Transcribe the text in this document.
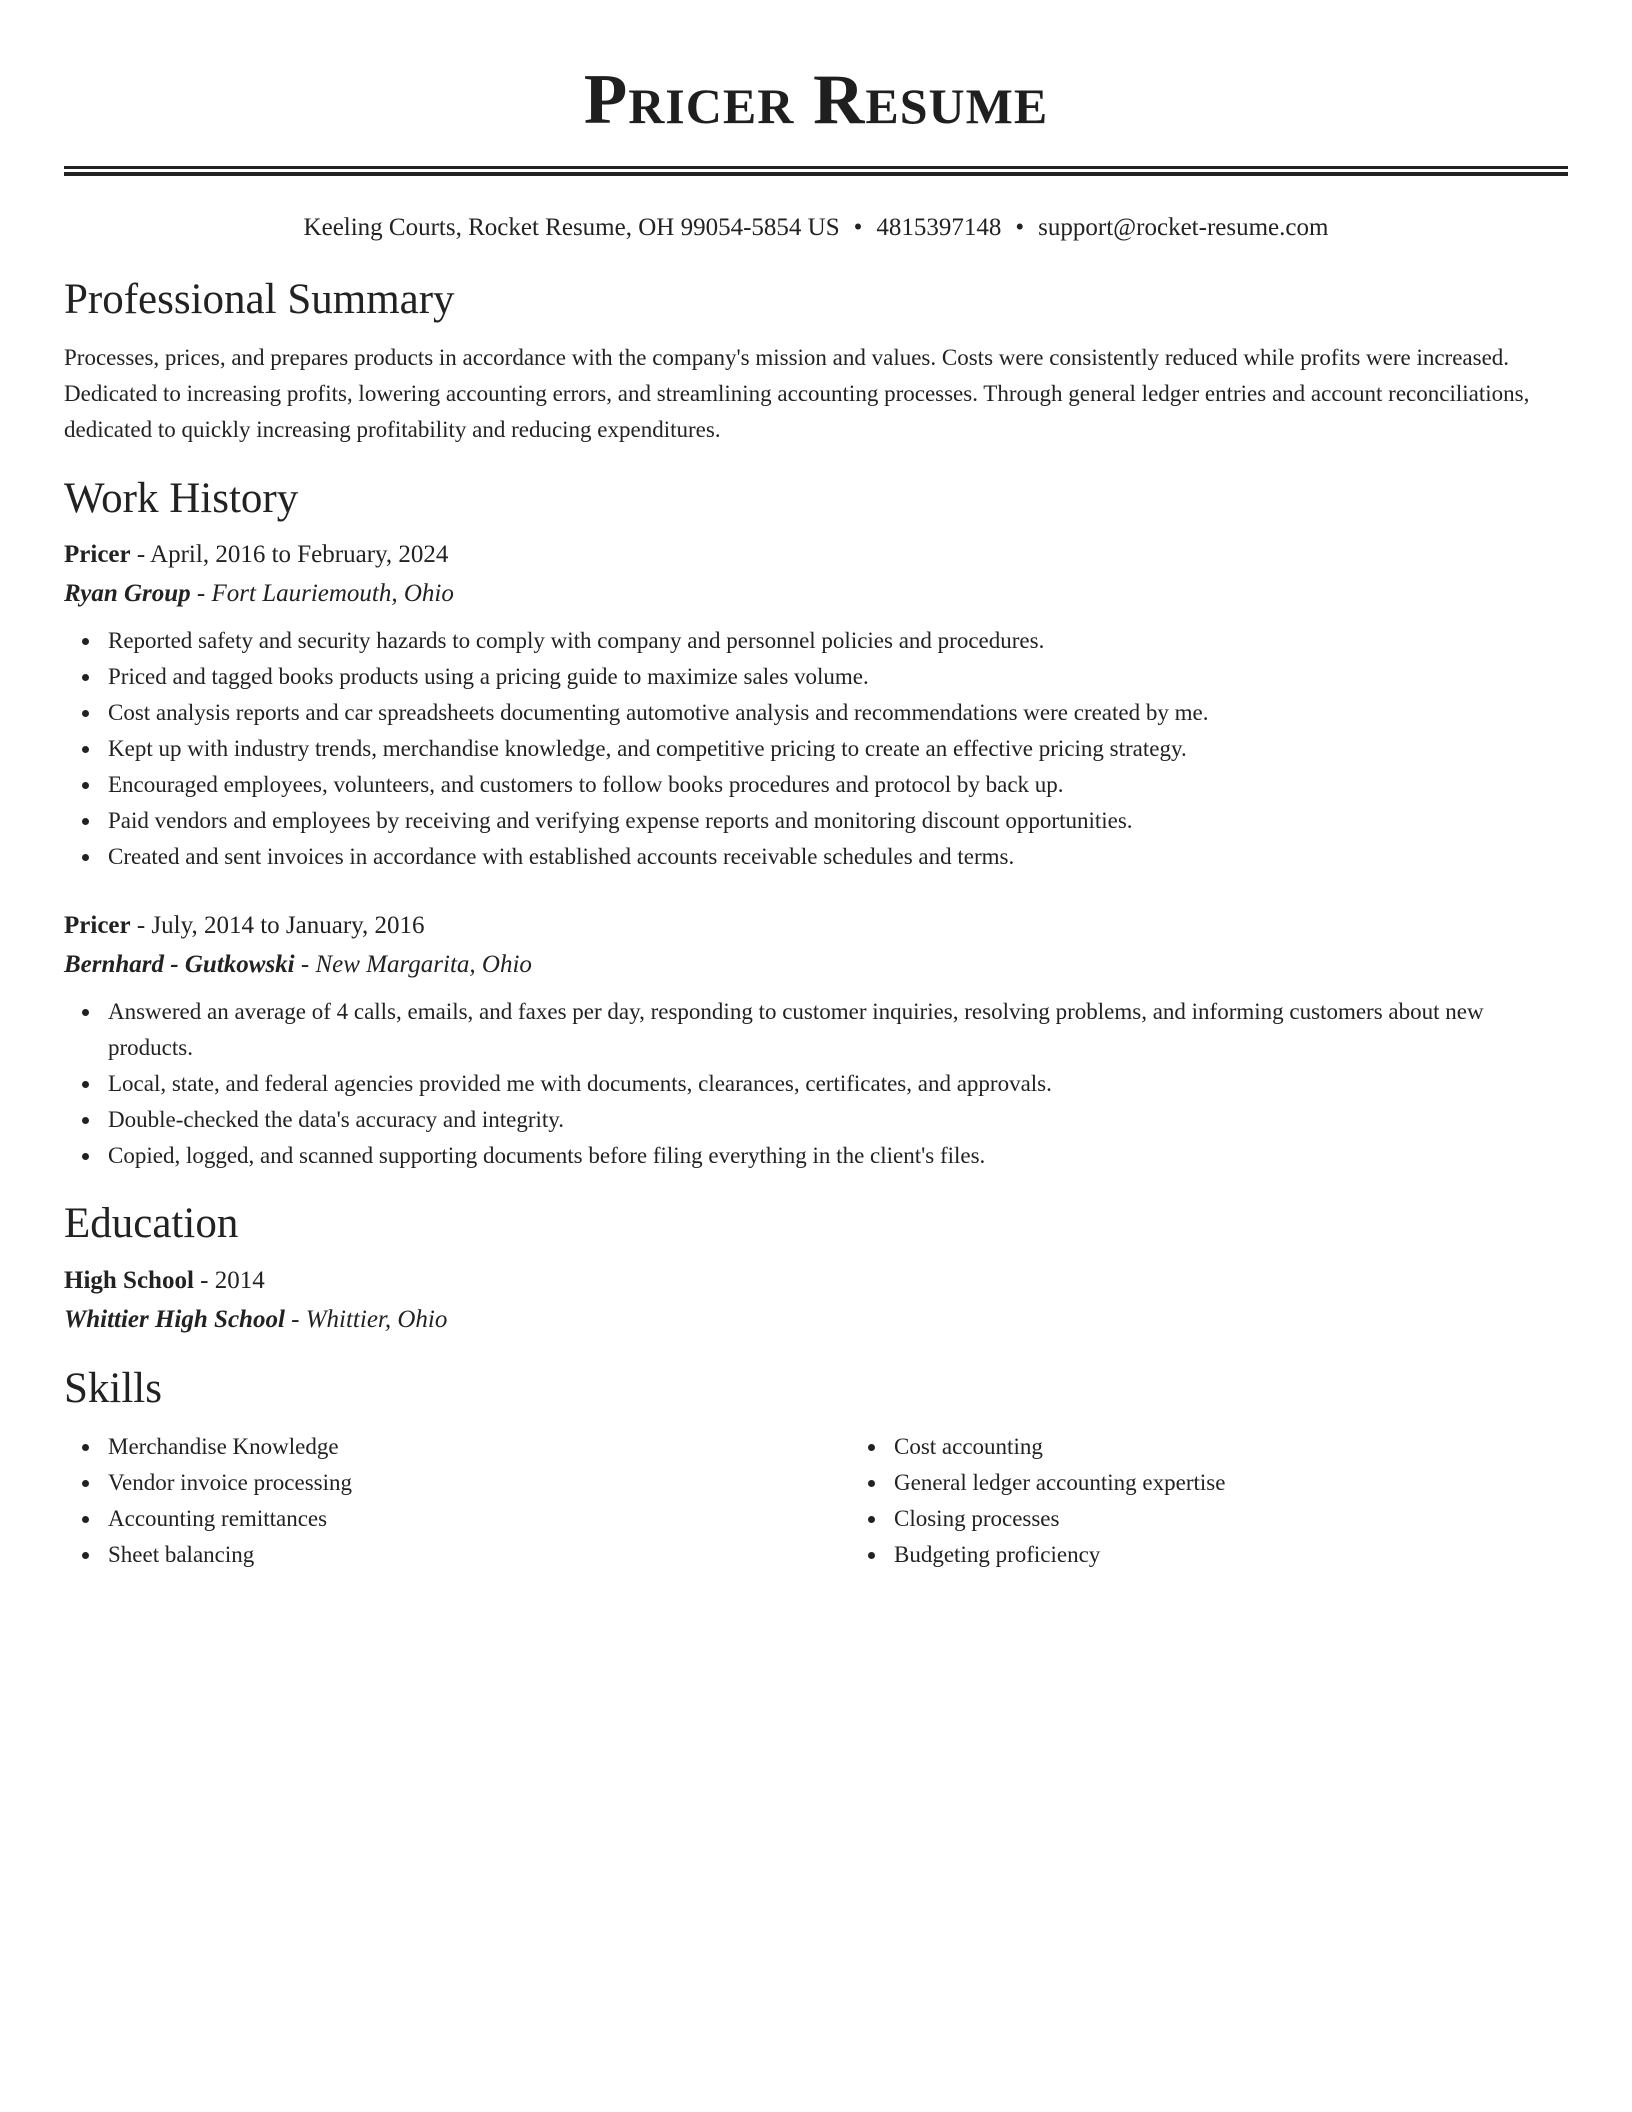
Pricer Resume
Keeling Courts, Rocket Resume, OH 99054-5854 US • 4815397148 • support@rocket-resume.com
Professional Summary

Processes, prices, and prepares products in accordance with the company's mission and values. Costs were consistently reduced while profits were increased. Dedicated to increasing profits, lowering accounting errors, and streamlining accounting processes. Through general ledger entries and account reconciliations, dedicated to quickly increasing profitability and reducing expenditures.

Work History

Pricer - April, 2016 to February, 2024

Ryan Group - Fort Lauriemouth, Ohio

Reported safety and security hazards to comply with company and personnel policies and procedures.
Priced and tagged books products using a pricing guide to maximize sales volume.
Cost analysis reports and car spreadsheets documenting automotive analysis and recommendations were created by me.
Kept up with industry trends, merchandise knowledge, and competitive pricing to create an effective pricing strategy.
Encouraged employees, volunteers, and customers to follow books procedures and protocol by back up.
Paid vendors and employees by receiving and verifying expense reports and monitoring discount opportunities.
Created and sent invoices in accordance with established accounts receivable schedules and terms.

Pricer - July, 2014 to January, 2016

Bernhard - Gutkowski - New Margarita, Ohio

Answered an average of 4 calls, emails, and faxes per day, responding to customer inquiries, resolving problems, and informing customers about new products.
Local, state, and federal agencies provided me with documents, clearances, certificates, and approvals.
Double-checked the data's accuracy and integrity.
Copied, logged, and scanned supporting documents before filing everything in the client's files.
Education

High School - 2014

Whittier High School - Whittier, Ohio

Skills
Merchandise Knowledge
Vendor invoice processing
Accounting remittances
Sheet balancing
Cost accounting
General ledger accounting expertise
Closing processes
Budgeting proficiency
